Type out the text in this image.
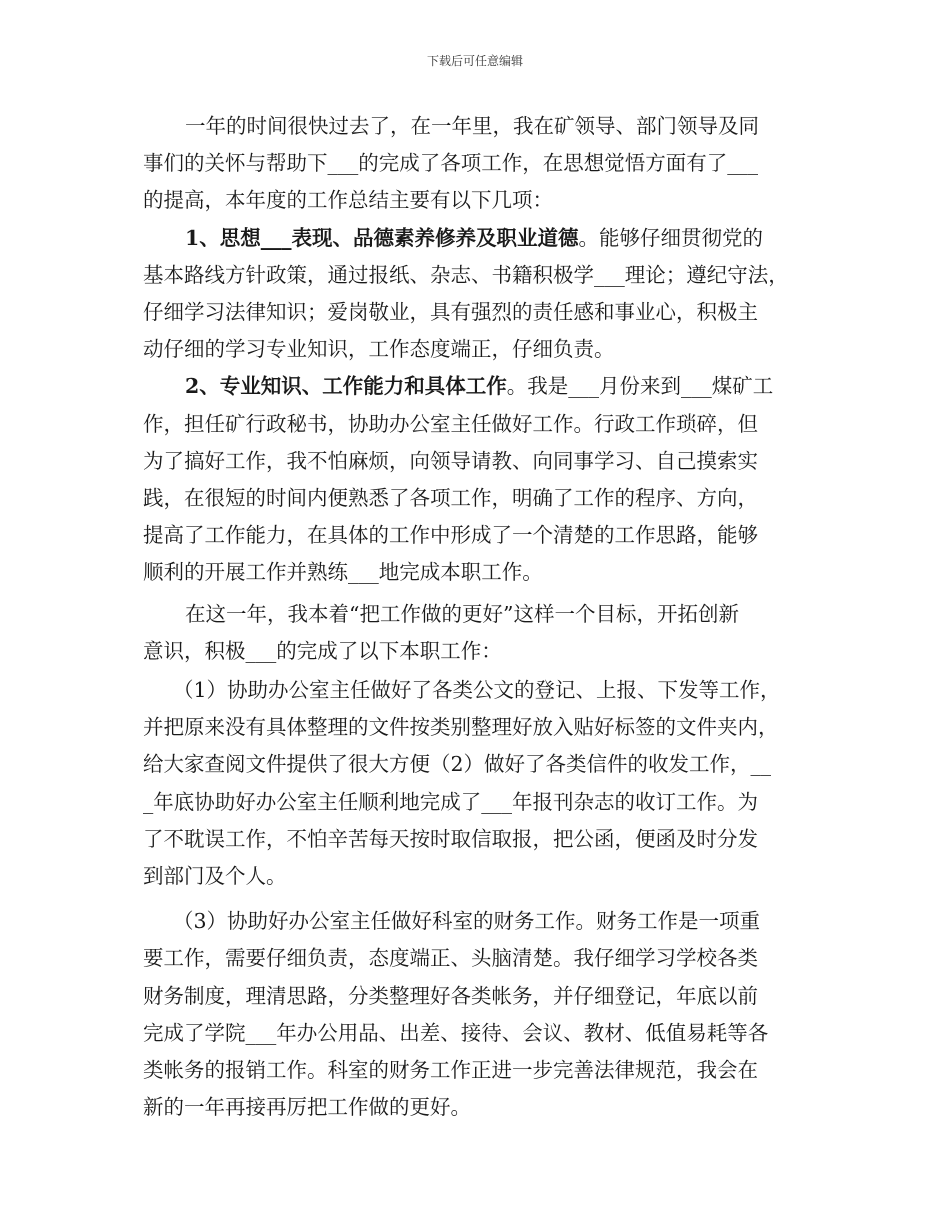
下载后可任意编辑
一年的时间很快过去了，在一年里，我在矿领导、部门领导及同
事们的关怀与帮助下___的完成了各项工作，在思想觉悟方面有了___
的提高，本年度的工作总结主要有以下几项：
1、思想___表现、品德素养修养及职业道德。能够仔细贯彻党的
基本路线方针政策，通过报纸、杂志、书籍积极学___理论；遵纪守法，
仔细学习法律知识；爱岗敬业，具有强烈的责任感和事业心，积极主
动仔细的学习专业知识，工作态度端正，仔细负责。
2、专业知识、工作能力和具体工作。我是___月份来到___煤矿工
作，担任矿行政秘书，协助办公室主任做好工作。行政工作琐碎，但
为了搞好工作，我不怕麻烦，向领导请教、向同事学习、自己摸索实
践，在很短的时间内便熟悉了各项工作，明确了工作的程序、方向，
提高了工作能力，在具体的工作中形成了一个清楚的工作思路，能够
顺利的开展工作并熟练___地完成本职工作。
在这一年，我本着“把工作做的更好”这样一个目标，开拓创新
意识，积极___的完成了以下本职工作：
（1）协助办公室主任做好了各类公文的登记、上报、下发等工作，
并把原来没有具体整理的文件按类别整理好放入贴好标签的文件夹内，
给大家查阅文件提供了很大方便（2）做好了各类信件的收发工作，__
_年底协助好办公室主任顺利地完成了___年报刊杂志的收订工作。为
了不耽误工作，不怕辛苦每天按时取信取报，把公函，便函及时分发
到部门及个人。
（3）协助好办公室主任做好科室的财务工作。财务工作是一项重
要工作，需要仔细负责，态度端正、头脑清楚。我仔细学习学校各类
财务制度，理清思路，分类整理好各类帐务，并仔细登记，年底以前
完成了学院___年办公用品、出差、接待、会议、教材、低值易耗等各
类帐务的报销工作。科室的财务工作正进一步完善法律规范，我会在
新的一年再接再厉把工作做的更好。
